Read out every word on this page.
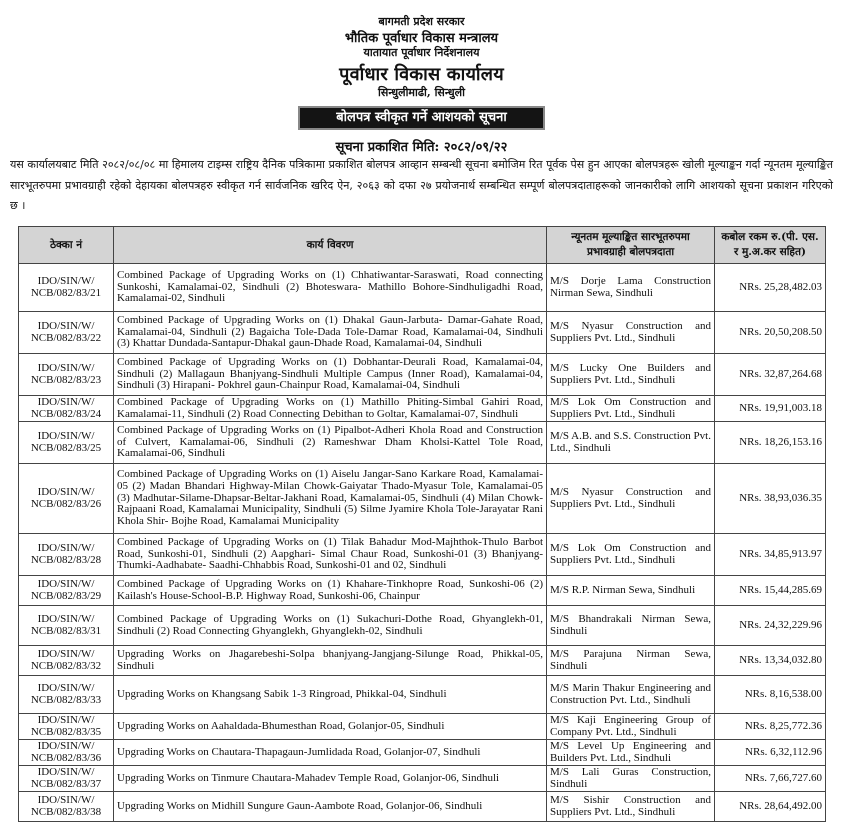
बागमती प्रदेश सरकार
भौतिक पूर्वाधार विकास मन्त्रालय
यातायात पूर्वाधार निर्देशनालय
पूर्वाधार विकास कार्यालय
सिन्धुलीमाढी, सिन्धुली
बोलपत्र स्वीकृत गर्ने आशयको सूचना
सूचना प्रकाशित मिति: २०८२/०९/२२

यस कार्यालयबाट मिति २०८२/०८/०८ मा हिमालय टाइम्स राष्ट्रिय दैनिक पत्रिकामा प्रकाशित बोलपत्र आव्हान सम्बन्धी सूचना बमोजिम रित पूर्वक पेस हुन आएका बोलपत्रहरू खोली मूल्याङ्कन गर्दा न्यूनतम मूल्याङ्कित सारभूतरुपमा प्रभावग्राही रहेको देहायका बोलपत्रहरु स्वीकृत गर्न सार्वजनिक खरिद ऐन, २०६३ को दफा २७ प्रयोजनार्थ सम्बन्धित सम्पूर्ण बोलपत्रदाताहरूको जानकारीको लागि आशयको सूचना प्रकाशन गरिएको छ ।

ठेक्का नं	कार्य विवरण	न्यूनतम मूल्याङ्कित सारभूतरुपमा प्रभावग्राही बोलपत्रदाता	कबोल रकम रु.(पी. एस. र मु.अ.कर सहित)
IDO/SIN/W/ NCB/082/83/21	Combined Package of Upgrading Works on (1) Chhatiwantar-Saraswati, Road connecting Sunkoshi, Kamalamai-02, Sindhuli (2) Bhoteswara- Mathillo Bohore-Sindhuligadhi Road, Kamalamai-02, Sindhuli	M/S Dorje Lama Construction Nirman Sewa, Sindhuli	NRs. 25,28,482.03
IDO/SIN/W/ NCB/082/83/22	Combined Package of Upgrading Works on (1) Dhakal Gaun-Jarbuta- Damar-Gahate Road, Kamalamai-04, Sindhuli (2) Bagaicha Tole-Dada Tole-Damar Road, Kamalamai-04, Sindhuli (3) Khattar Dundada-Santapur-Dhakal gaun-Dhade Road, Kamalamai-04, Sindhuli	M/S Nyasur Construction and Suppliers Pvt. Ltd., Sindhuli	NRs. 20,50,208.50
IDO/SIN/W/ NCB/082/83/23	Combined Package of Upgrading Works on (1) Dobhantar-Deurali Road, Kamalamai-04, Sindhuli (2) Mallagaun Bhanjyang-Sindhuli Multiple Campus (Inner Road), Kamalamai-04, Sindhuli (3) Hirapani- Pokhrel gaun-Chainpur Road, Kamalamai-04, Sindhuli	M/S Lucky One Builders and Suppliers Pvt. Ltd., Sindhuli	NRs. 32,87,264.68
IDO/SIN/W/ NCB/082/83/24	Combined Package of Upgrading Works on (1) Mathillo Phiting-Simbal Gahiri Road, Kamalamai-11, Sindhuli (2) Road Connecting Debithan to Goltar, Kamalamai-07, Sindhuli	M/S Lok Om Construction and Suppliers Pvt. Ltd., Sindhuli	NRs. 19,91,003.18
IDO/SIN/W/ NCB/082/83/25	Combined Package of Upgrading Works on (1) Pipalbot-Adheri Khola Road and Construction of Culvert, Kamalamai-06, Sindhuli (2) Rameshwar Dham Kholsi-Kattel Tole Road, Kamalamai-06, Sindhuli	M/S A.B. and S.S. Construction Pvt. Ltd., Sindhuli	NRs. 18,26,153.16
IDO/SIN/W/ NCB/082/83/26	Combined Package of Upgrading Works on (1) Aiselu Jangar-Sano Karkare Road, Kamalamai-05 (2) Madan Bhandari Highway-Milan Chowk-Gaiyatar Thado-Myasur Tole, Kamalamai-05 (3) Madhutar-Silame-Dhapsar-Beltar-Jakhani Road, Kamalamai-05, Sindhuli (4) Milan Chowk-Rajpaani Road, Kamalamai Municipality, Sindhuli (5) Silme Jyamire Khola Tole-Jarayatar Rani Khola Shir- Bojhe Road, Kamalamai Municipality	M/S Nyasur Construction and Suppliers Pvt. Ltd., Sindhuli	NRs. 38,93,036.35
IDO/SIN/W/ NCB/082/83/28	Combined Package of Upgrading Works on (1) Tilak Bahadur Mod-Majhthok-Thulo Barbot Road, Sunkoshi-01, Sindhuli (2) Aapghari- Simal Chaur Road, Sunkoshi-01 (3) Bhanjyang-Thumki-Aadhabate- Saadhi-Chhabbis Road, Sunkoshi-01 and 02, Sindhuli	M/S Lok Om Construction and Suppliers Pvt. Ltd., Sindhuli	NRs. 34,85,913.97
IDO/SIN/W/ NCB/082/83/29	Combined Package of Upgrading Works on (1) Khahare-Tinkhopre Road, Sunkoshi-06 (2) Kailash's House-School-B.P. Highway Road, Sunkoshi-06, Chainpur	M/S R.P. Nirman Sewa, Sindhuli	NRs. 15,44,285.69
IDO/SIN/W/ NCB/082/83/31	Combined Package of Upgrading Works on (1) Sukachuri-Dothe Road, Ghyanglekh-01, Sindhuli (2) Road Connecting Ghyanglekh, Ghyanglekh-02, Sindhuli	M/S Bhandrakali Nirman Sewa, Sindhuli	NRs. 24,32,229.96
IDO/SIN/W/ NCB/082/83/32	Upgrading Works on Jhagarebeshi-Solpa bhanjyang-Jangjang-Silunge Road, Phikkal-05, Sindhuli	M/S Parajuna Nirman Sewa, Sindhuli	NRs. 13,34,032.80
IDO/SIN/W/ NCB/082/83/33	Upgrading Works on Khangsang Sabik 1-3 Ringroad, Phikkal-04, Sindhuli	M/S Marin Thakur Engineering and Construction Pvt. Ltd., Sindhuli	NRs. 8,16,538.00
IDO/SIN/W/ NCB/082/83/35	Upgrading Works on Aahaldada-Bhumesthan Road, Golanjor-05, Sindhuli	M/S Kaji Engineering Group of Company Pvt. Ltd., Sindhuli	NRs. 8,25,772.36
IDO/SIN/W/ NCB/082/83/36	Upgrading Works on Chautara-Thapagaun-Jumlidada Road, Golanjor-07, Sindhuli	M/S Level Up Engineering and Builders Pvt. Ltd., Sindhuli	NRs. 6,32,112.96
IDO/SIN/W/ NCB/082/83/37	Upgrading Works on Tinmure Chautara-Mahadev Temple Road, Golanjor-06, Sindhuli	M/S Lali Guras Construction, Sindhuli	NRs. 7,66,727.60
IDO/SIN/W/ NCB/082/83/38	Upgrading Works on Midhill Sungure Gaun-Aambote Road, Golanjor-06, Sindhuli	M/S Sishir Construction and Suppliers Pvt. Ltd., Sindhuli	NRs. 28,64,492.00
